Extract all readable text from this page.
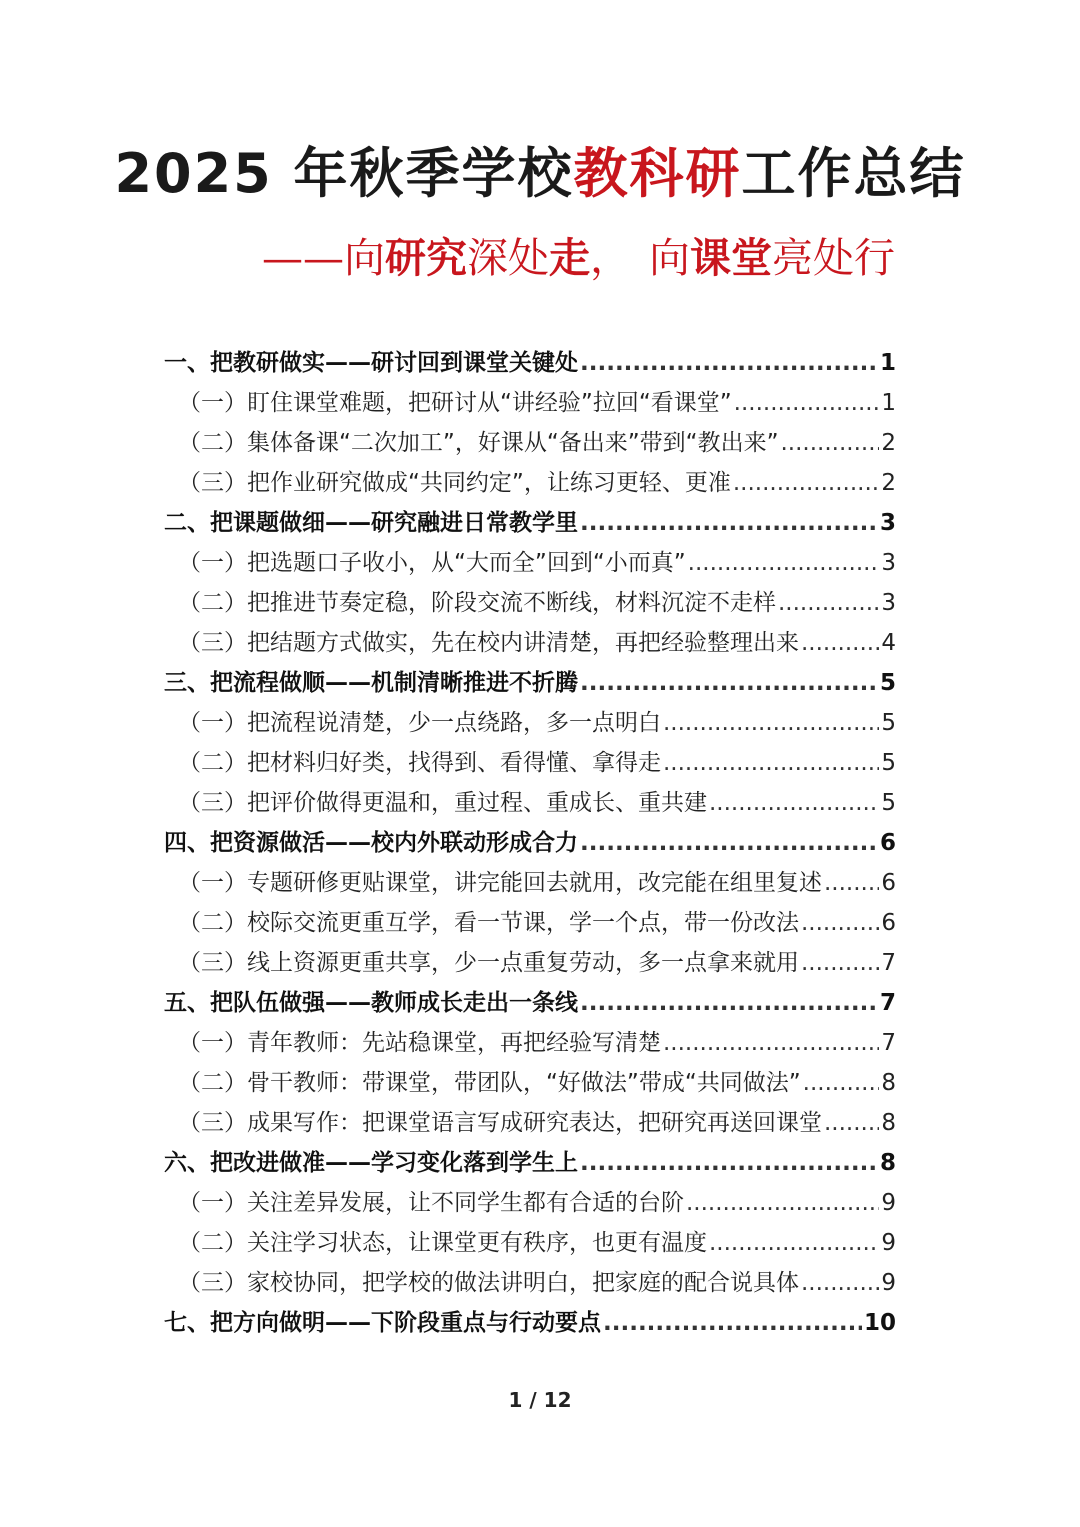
2025 年秋季学校教科研工作总结
——向研究深处走， 向课堂亮处行
一、把教研做实——研讨回到课堂关键处 .....	1
（一）盯住课堂难题，把研讨从“讲经验”拉回“看课堂” .....	1
（二）集体备课“二次加工”，好课从“备出来”带到“教出来” .....	2
（三）把作业研究做成“共同约定”，让练习更轻、更准 .....	2
二、把课题做细——研究融进日常教学里 .....	3
（一）把选题口子收小，从“大而全”回到“小而真” .....	3
（二）把推进节奏定稳，阶段交流不断线，材料沉淀不走样 .....	3
（三）把结题方式做实，先在校内讲清楚，再把经验整理出来 .....	4
三、把流程做顺——机制清晰推进不折腾 .....	5
（一）把流程说清楚，少一点绕路，多一点明白 .....	5
（二）把材料归好类，找得到、看得懂、拿得走 .....	5
（三）把评价做得更温和，重过程、重成长、重共建 .....	5
四、把资源做活——校内外联动形成合力 .....	6
（一）专题研修更贴课堂，讲完能回去就用，改完能在组里复述 .....	6
（二）校际交流更重互学，看一节课，学一个点，带一份改法 .....	6
（三）线上资源更重共享，少一点重复劳动，多一点拿来就用 .....	7
五、把队伍做强——教师成长走出一条线 .....	7
（一）青年教师：先站稳课堂，再把经验写清楚 .....	7
（二）骨干教师：带课堂，带团队，“好做法”带成“共同做法” .....	8
（三）成果写作：把课堂语言写成研究表达，把研究再送回课堂 .....	8
六、把改进做准——学习变化落到学生上 .....	8
（一）关注差异发展，让不同学生都有合适的台阶 .....	9
（二）关注学习状态，让课堂更有秩序，也更有温度 .....	9
（三）家校协同，把学校的做法讲明白，把家庭的配合说具体 .....	9
七、把方向做明——下阶段重点与行动要点 .....	10
1 / 12
